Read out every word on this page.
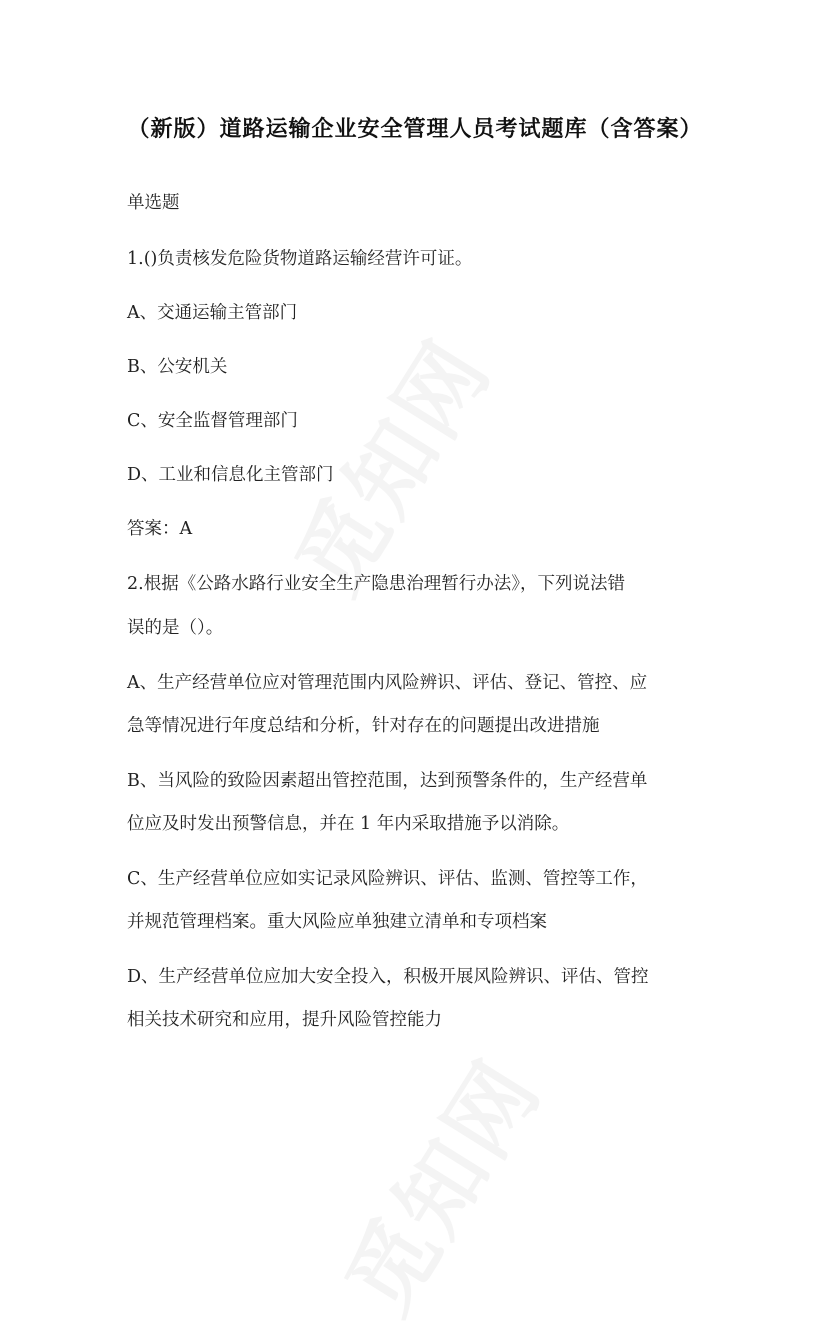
（新版）道路运输企业安全管理人员考试题库（含答案）
单选题
1.()负责核发危险货物道路运输经营许可证。
A、交通运输主管部门
B、公安机关
C、安全监督管理部门
D、工业和信息化主管部门
答案：A
2.根据《公路水路行业安全生产隐患治理暂行办法》，下列说法错
误的是（）。
A、生产经营单位应对管理范围内风险辨识、评估、登记、管控、应
急等情况进行年度总结和分析，针对存在的问题提出改进措施
B、当风险的致险因素超出管控范围，达到预警条件的，生产经营单
位应及时发出预警信息，并在 1 年内采取措施予以消除。
C、生产经营单位应如实记录风险辨识、评估、监测、管控等工作，
并规范管理档案。重大风险应单独建立清单和专项档案
D、生产经营单位应加大安全投入，积极开展风险辨识、评估、管控
相关技术研究和应用，提升风险管控能力
